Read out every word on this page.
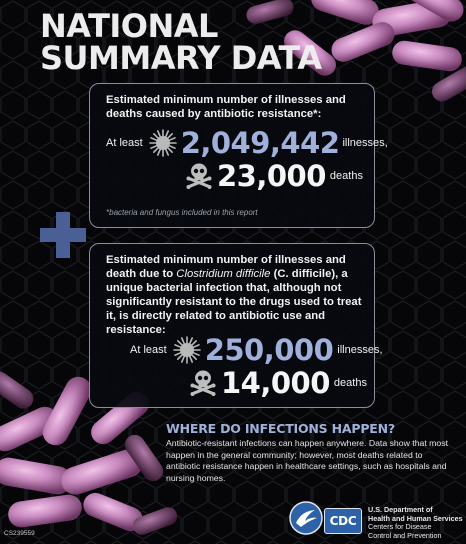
NATIONAL
SUMMARY DATA
Estimated minimum number of illnesses and deaths caused by antibiotic resistance*:
At least 2,049,442 illnesses,
23,000 deaths
*bacteria and fungus included in this report
Estimated minimum number of illnesses and death due to Clostridium difficile (C. difficile), a unique bacterial infection that, although not significantly resistant to the drugs used to treat it, is directly related to antibiotic use and resistance:
At least 250,000 illnesses,
14,000 deaths
WHERE DO INFECTIONS HAPPEN?
Antibiotic-resistant infections can happen anywhere. Data show that most happen in the general community; however, most deaths related to antibiotic resistance happen in healthcare settings, such as hospitals and nursing homes.
CS239559
CDC
U.S. Department of
Health and Human Services
Centers for Disease
Control and Prevention
